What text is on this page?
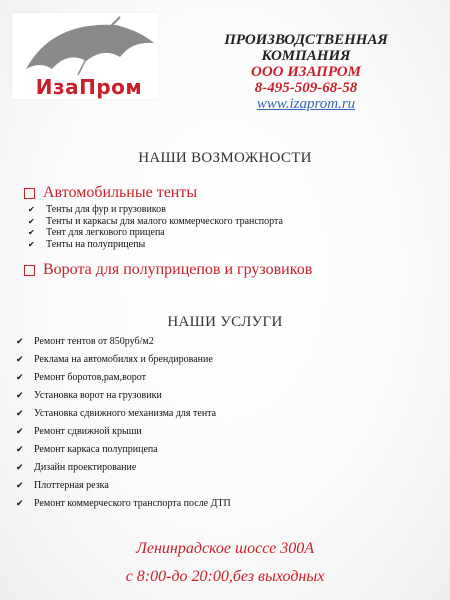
ИзаПром
ПРОИЗВОДСТВЕННАЯ
КОМПАНИЯ
ООО ИЗАПРОМ
8-495-509-68-58
www.izaprom.ru
НАШИ ВОЗМОЖНОСТИ
Автомобильные тенты
✔ Тенты для фур и грузовиков
✔ Тенты и каркасы для малого коммерческого транспорта
✔ Тент для легкового прицепа
✔ Тенты на полуприцепы
Ворота для полуприцепов и грузовиков
НАШИ УСЛУГИ
✔ Ремонт тентов от 850руб/м2
✔ Реклама на автомобилях и брендирование
✔ Ремонт боротов,рам,ворот
✔ Установка ворот на грузовики
✔ Установка сдвижного механизма для тента
✔ Ремонт сдвижной крыши
✔ Ремонт каркаса полуприцепа
✔ Дизайн проектирование
✔ Плоттерная резка
✔ Ремонт коммерческого транспорта после ДТП
Ленинрадское шоссе 300А
с 8:00-до 20:00,без выходных
